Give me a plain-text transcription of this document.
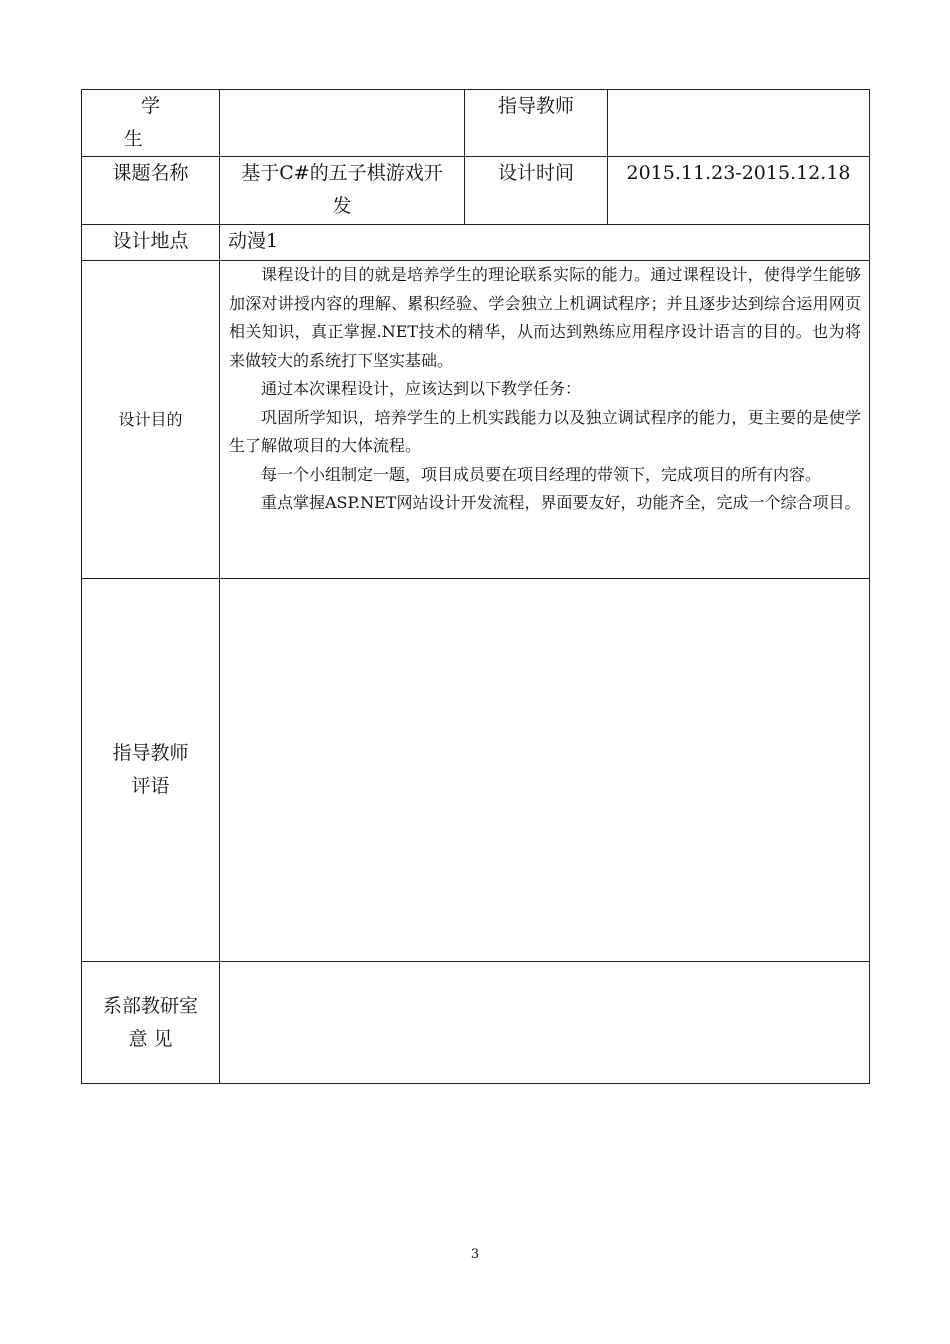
学 生		指导教师	
课题名称	基于C#的五子棋游戏开发	设计时间	2015.11.23-2015.12.18
设计地点	动漫1		
设计目的	课程设计的目的就是培养学生的理论联系实际的能力。通过课程设计，使得学生能够加深对讲授内容的理解、累积经验、学会独立上机调试程序；并且逐步达到综合运用网页相关知识，真正掌握.NET技术的精华，从而达到熟练应用程序设计语言的目的。也为将来做较大的系统打下坚实基础。

通过本次课程设计，应该达到以下教学任务：

巩固所学知识，培养学生的上机实践能力以及独立调试程序的能力，更主要的是使学生了解做项目的大体流程。

每一个小组制定一题，项目成员要在项目经理的带领下，完成项目的所有内容。

重点掌握ASP.NET网站设计开发流程，界面要友好，功能齐全，完成一个综合项目。		

指导教师
评语			

系部教研室
意 见			

3
